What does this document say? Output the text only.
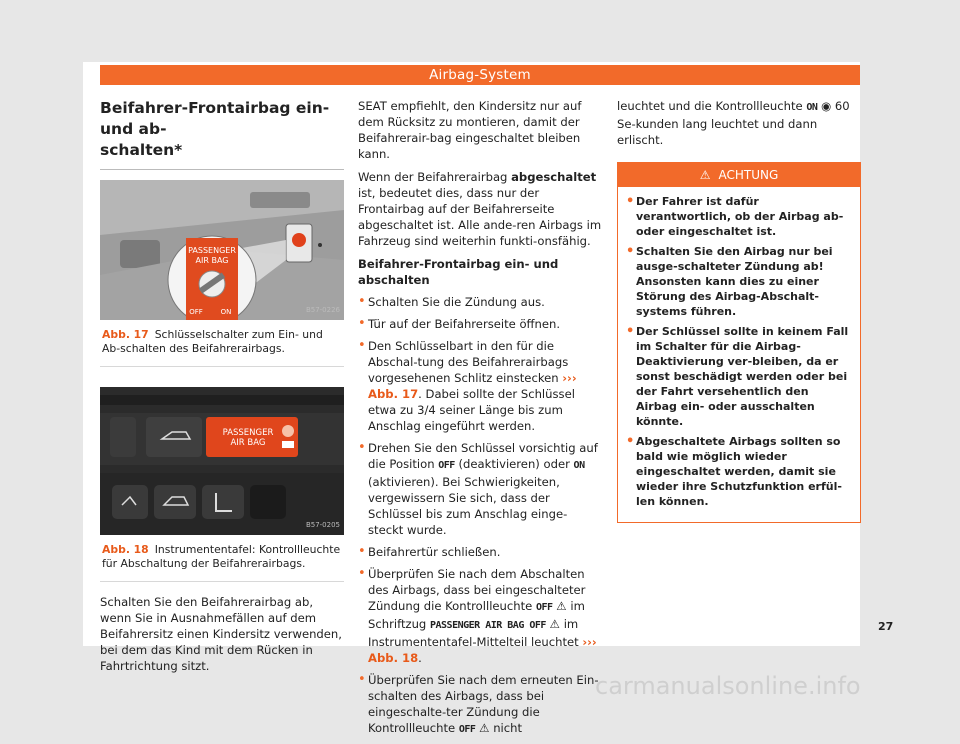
Airbag-System
Beifahrer-Frontairbag ein- und ab-
schalten*
PASSENGER
AIR BAG
OFF	ON	B57-0226
Abb. 17 Schlüsselschalter zum Ein- und Ab-schalten des Beifahrerairbags.
PASSENGER
AIR BAG
B57-0205
Abb. 18 Instrumententafel: Kontrollleuchte für Abschaltung der Beifahrerairbags.

Schalten Sie den Beifahrerairbag ab, wenn Sie in Ausnahmefällen auf dem Beifahrersitz einen Kindersitz verwenden, bei dem das Kind mit dem Rücken in Fahrtrichtung sitzt.

SEAT empfiehlt, den Kindersitz nur auf dem Rücksitz zu montieren, damit der Beifahrerair-bag eingeschaltet bleiben kann.

Wenn der Beifahrerairbag abgeschaltet ist, bedeutet dies, dass nur der Frontairbag auf der Beifahrerseite abgeschaltet ist. Alle ande-ren Airbags im Fahrzeug sind weiterhin funkti-onsfähig.

Beifahrer-Frontairbag ein- und abschalten
• Schalten Sie die Zündung aus.
• Tür auf der Beifahrerseite öffnen.
• Den Schlüsselbart in den für die Abschal-tung des Beifahrerairbags vorgesehenen Schlitz einstecken ››› Abb. 17. Dabei sollte der Schlüssel etwa zu 3/4 seiner Länge bis zum Anschlag eingeführt werden.
• Drehen Sie den Schlüssel vorsichtig auf die Position OFF (deaktivieren) oder ON (aktivieren). Bei Schwierigkeiten, vergewissern Sie sich, dass der Schlüssel bis zum Anschlag einge-steckt wurde.
• Beifahrertür schließen.
• Überprüfen Sie nach dem Abschalten des Airbags, dass bei eingeschalteter Zündung die Kontrollleuchte OFF ⚠ im Schriftzug PASSENGER AIR BAG OFF ⚠ im Instrumententafel-Mittelteil leuchtet ››› Abb. 18.
• Überprüfen Sie nach dem erneuten Ein-schalten des Airbags, dass bei eingeschalte-ter Zündung die Kontrollleuchte OFF ⚠ nicht

leuchtet und die Kontrollleuchte ON ◉ 60 Se-kunden lang leuchtet und dann erlischt.

⚠ ACHTUNG
• Der Fahrer ist dafür verantwortlich, ob der Airbag ab- oder eingeschaltet ist.
• Schalten Sie den Airbag nur bei ausge-schalteter Zündung ab! Ansonsten kann dies zu einer Störung des Airbag-Abschalt-systems führen.
• Der Schlüssel sollte in keinem Fall im Schalter für die Airbag-Deaktivierung ver-bleiben, da er sonst beschädigt werden oder bei der Fahrt versehentlich den Airbag ein- oder ausschalten könnte.
• Abgeschaltete Airbags sollten so bald wie möglich wieder eingeschaltet werden, damit sie wieder ihre Schutzfunktion erfül-len können.
27
carmanualsonline.info
